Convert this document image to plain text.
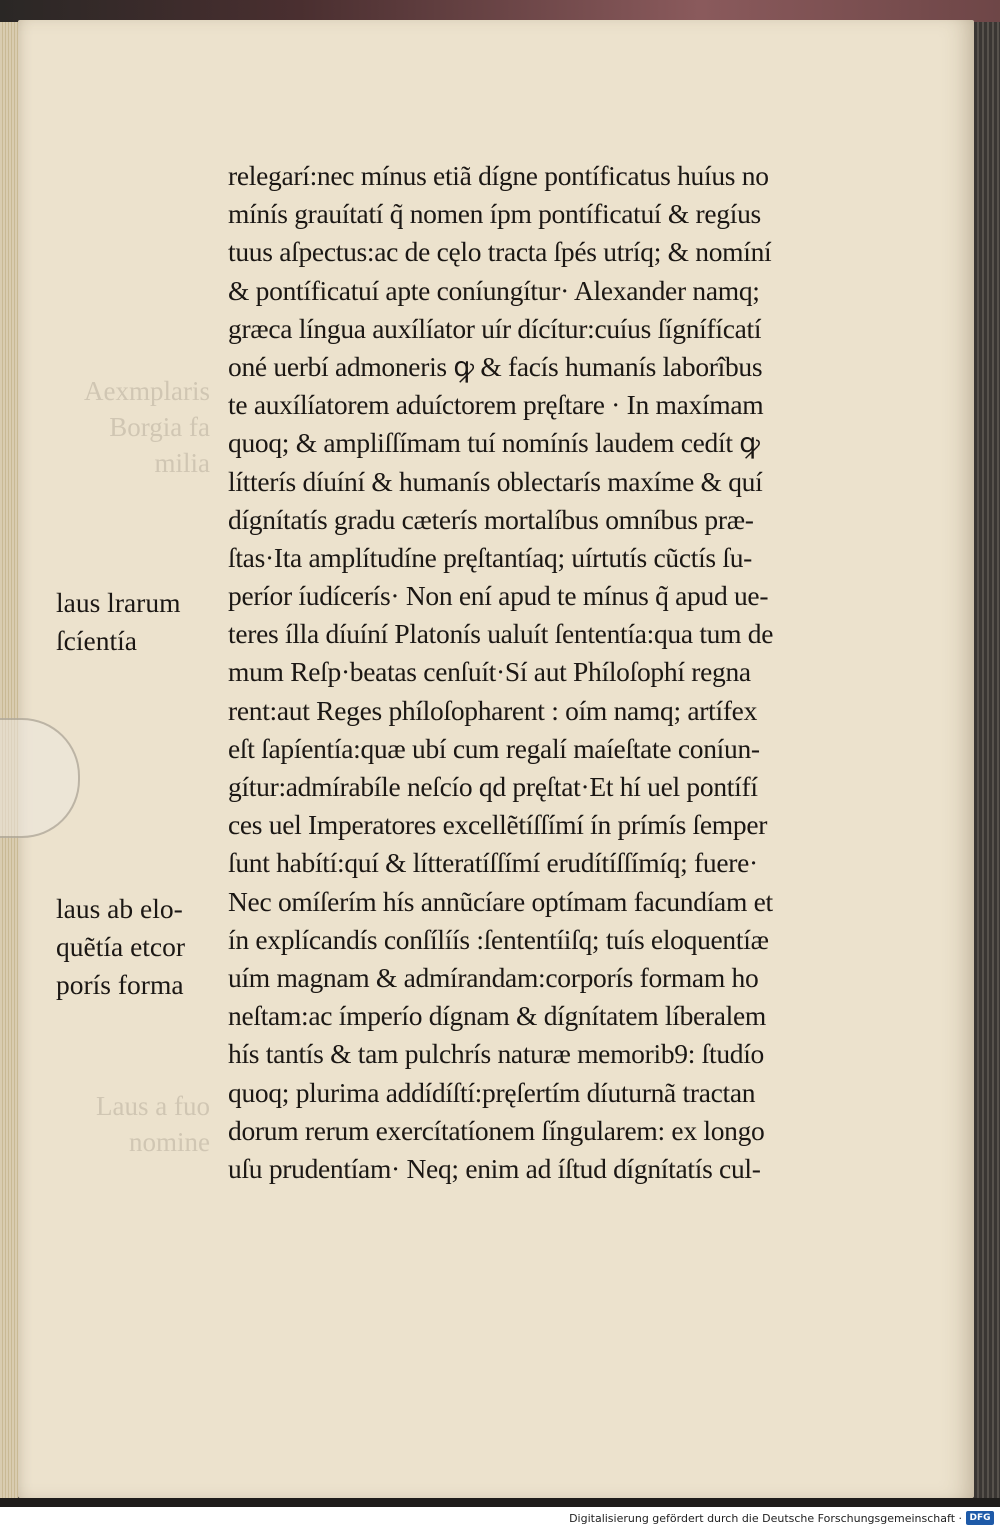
Aexmplaris
Borgia fa
milia
Laus a fuo
nomine
laus lrarum
ſcíentía
laus ab elo-
quẽtía etcor
porís forma
relegarí:nec mínus etiã dígne pontíficatus huíus no
mínís grauítatí q̃ nomen ípm pontíficatuí & regíus
tuus aſpectus:ac de cęlo tracta ſpés utríq; & nomíní
& pontíficatuí apte coníungítur· Alexander namq;
græca língua auxílíator uír dícítur:cuíus ſígnífícatí
oné uerbí admoneris ꝙ & facís humanís laborîbus
te auxílíatorem aduíctorem pręſtare · In maxímam
quoq; & ampliſſímam tuí nomínís laudem cedít ꝙ
lítterís díuíní & humanís oblectarís maxíme & quí
dígnítatís gradu cæterís mortalíbus omníbus præ-
ſtas·Ita amplítudíne pręſtantíaq; uírtutís cũctís ſu-
períor íudícerís· Non ení apud te mínus q̃ apud ue-
teres ílla díuíní Platonís ualuít ſententía:qua tum de
mum Reſp·beatas cenſuít·Sí aut Phíloſophí regna
rent:aut Reges phíloſopharent : oím namq; artífex
eſt ſapíentía:quæ ubí cum regalí maíeſtate coníun-
gítur:admírabíle neſcío qd pręſtat·Et hí uel pontífí
ces uel Imperatores excellẽtíſſímí ín prímís ſemper
ſunt habítí:quí & lítteratíſſímí erudítíſſímíq; fuere·
Nec omíſerím hís annũcíare optímam facundíam et
ín explícandís conſílíís :ſententíiſq; tuís eloquentíæ
uím magnam & admírandam:corporís formam ho
neſtam:ac ímperío dígnam & dígnítatem líberalem
hís tantís & tam pulchrís naturæ memorib9: ſtudío
quoq; plurima addídíſtí:pręſertím díuturnã tractan
dorum rerum exercítatíonem ſíngularem: ex longo
uſu prudentíam· Neq; enim ad íſtud dígnítatís cul-
Digitalisierung gefördert durch die Deutsche Forschungsgemeinschaft · DFG
